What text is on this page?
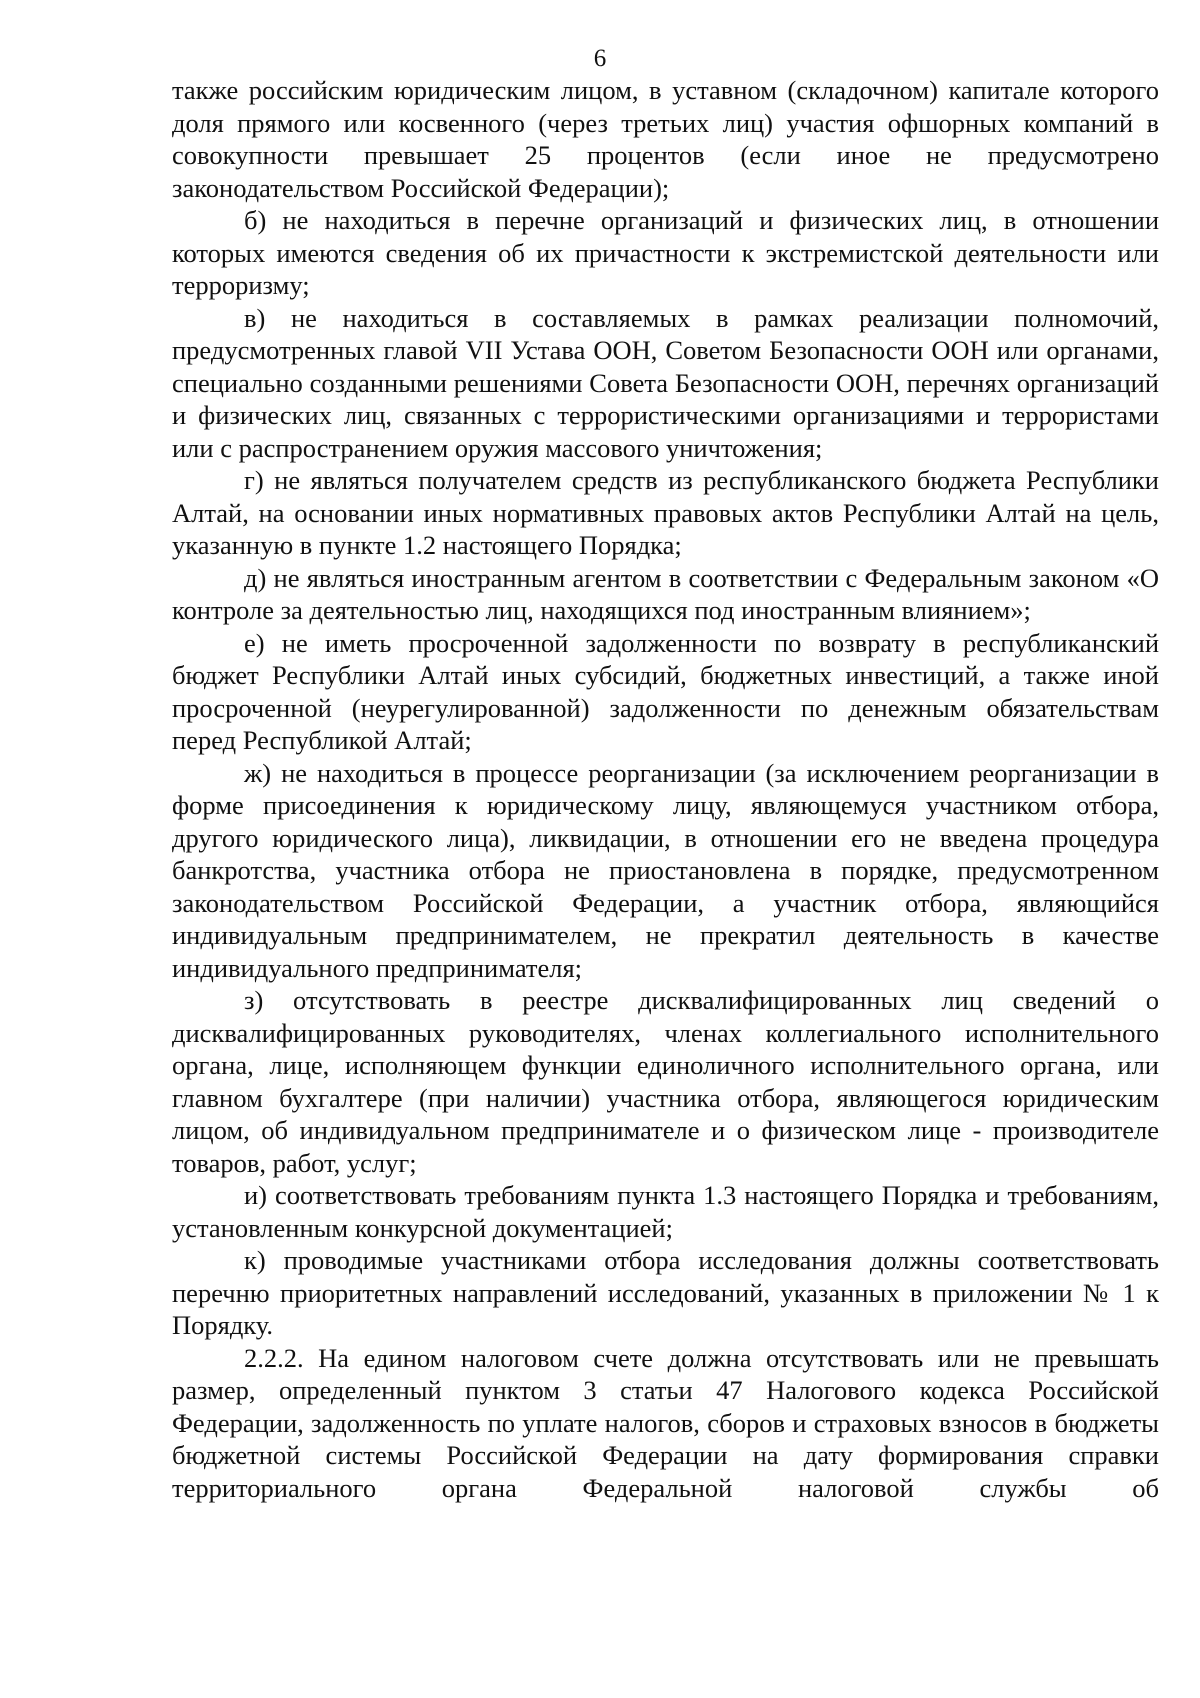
6

также российским юридическим лицом, в уставном (складочном) капитале которого доля прямого или косвенного (через третьих лиц) участия офшорных компаний в совокупности превышает 25 процентов (если иное не предусмотрено законодательством Российской Федерации);

б) не находиться в перечне организаций и физических лиц, в отношении которых имеются сведения об их причастности к экстремистской деятельности или терроризму;

в) не находиться в составляемых в рамках реализации полномочий, предусмотренных главой VII Устава ООН, Советом Безопасности ООН или органами, специально созданными решениями Совета Безопасности ООН, перечнях организаций и физических лиц, связанных с террористическими организациями и террористами или с распространением оружия массового уничтожения;

г) не являться получателем средств из республиканского бюджета Республики Алтай, на основании иных нормативных правовых актов Республики Алтай на цель, указанную в пункте 1.2 настоящего Порядка;

д) не являться иностранным агентом в соответствии с Федеральным законом «О контроле за деятельностью лиц, находящихся под иностранным влиянием»;

е) не иметь просроченной задолженности по возврату в республиканский бюджет Республики Алтай иных субсидий, бюджетных инвестиций, а также иной просроченной (неурегулированной) задолженности по денежным обязательствам перед Республикой Алтай;

ж) не находиться в процессе реорганизации (за исключением реорганизации в форме присоединения к юридическому лицу, являющемуся участником отбора, другого юридического лица), ликвидации, в отношении его не введена процедура банкротства, участника отбора не приостановлена в порядке, предусмотренном законодательством Российской Федерации, а участник отбора, являющийся индивидуальным предпринимателем, не прекратил деятельность в качестве индивидуального предпринимателя;

з) отсутствовать в реестре дисквалифицированных лиц сведений о дисквалифицированных руководителях, членах коллегиального исполнительного органа, лице, исполняющем функции единоличного исполнительного органа, или главном бухгалтере (при наличии) участника отбора, являющегося юридическим лицом, об индивидуальном предпринимателе и о физическом лице - производителе товаров, работ, услуг;

и) соответствовать требованиям пункта 1.3 настоящего Порядка и требованиям, установленным конкурсной документацией;

к) проводимые участниками отбора исследования должны соответствовать перечню приоритетных направлений исследований, указанных в приложении № 1 к Порядку.

2.2.2. На едином налоговом счете должна отсутствовать или не превышать размер, определенный пунктом 3 статьи 47 Налогового кодекса Российской Федерации, задолженность по уплате налогов, сборов и страховых взносов в бюджеты бюджетной системы Российской Федерации на дату формирования справки территориального органа Федеральной налоговой службы об
